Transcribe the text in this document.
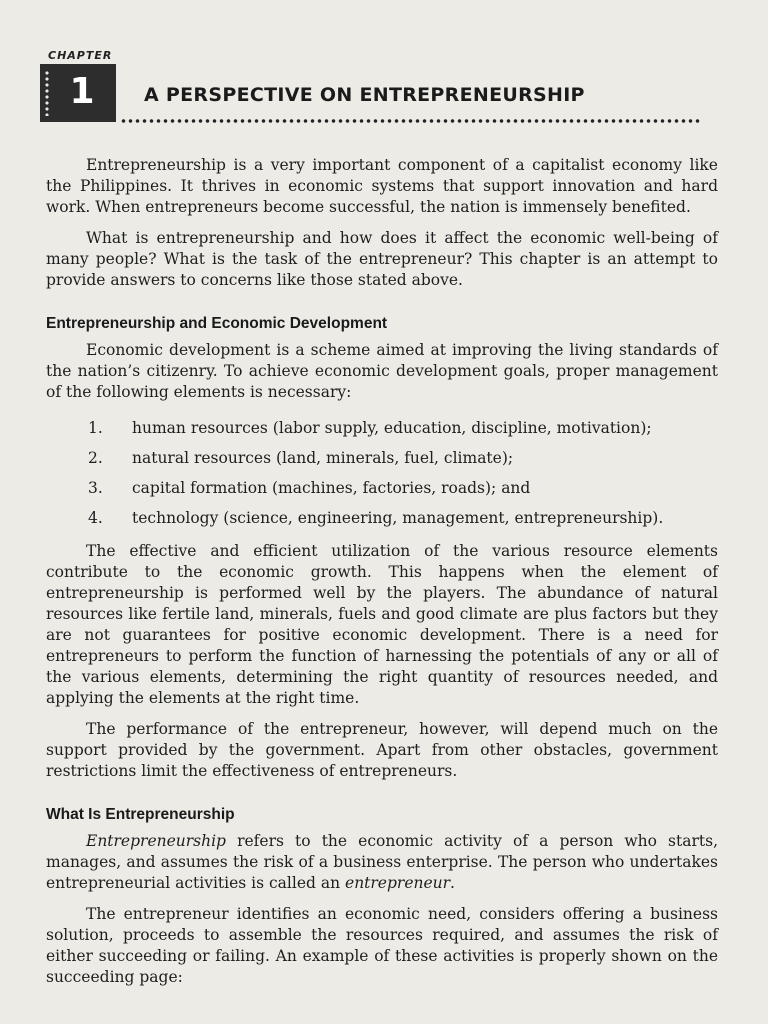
CHAPTER
1	A PERSPECTIVE ON ENTREPRENEURSHIP

Entrepreneurship is a very important component of a capitalist economy like the Philippines. It thrives in economic systems that support innovation and hard work. When entrepreneurs become successful, the nation is immensely benefited.

What is entrepreneurship and how does it affect the economic well-being of many people? What is the task of the entrepreneur? This chapter is an attempt to provide answers to concerns like those stated above.

Entrepreneurship and Economic Development

Economic development is a scheme aimed at improving the living standards of the nation’s citizenry. To achieve economic development goals, proper management of the following elements is necessary:

1.	human resources (labor supply, education, discipline, motivation);
2.	natural resources (land, minerals, fuel, climate);
3.	capital formation (machines, factories, roads); and
4.	technology (science, engineering, management, entrepreneurship).

The effective and efficient utilization of the various resource elements contribute to the economic growth. This happens when the element of entrepreneurship is performed well by the players. The abundance of natural resources like fertile land, minerals, fuels and good climate are plus factors but they are not guarantees for positive economic development. There is a need for entrepreneurs to perform the function of harnessing the potentials of any or all of the various elements, determining the right quantity of resources needed, and applying the elements at the right time.

The performance of the entrepreneur, however, will depend much on the support provided by the government. Apart from other obstacles, government restrictions limit the effectiveness of entrepreneurs.

What Is Entrepreneurship

Entrepreneurship refers to the economic activity of a person who starts, manages, and assumes the risk of a business enterprise. The person who undertakes entrepreneurial activities is called an entrepreneur.

The entrepreneur identifies an economic need, considers offering a business solution, proceeds to assemble the resources required, and assumes the risk of either succeeding or failing. An example of these activities is properly shown on the succeeding page:
